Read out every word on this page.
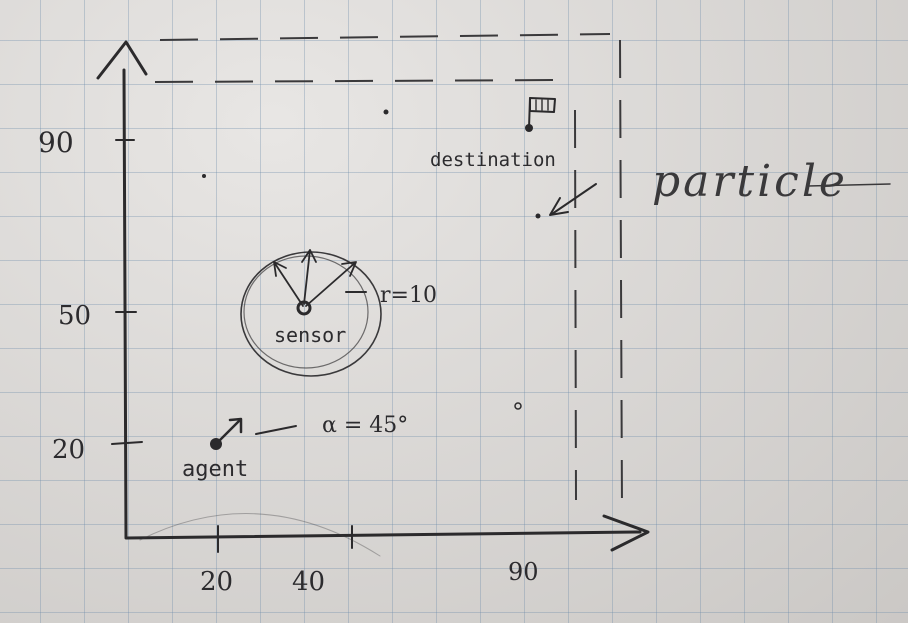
90
50
20
20 40	90
destination particle
sensor
r=10
α = 45°
agent
